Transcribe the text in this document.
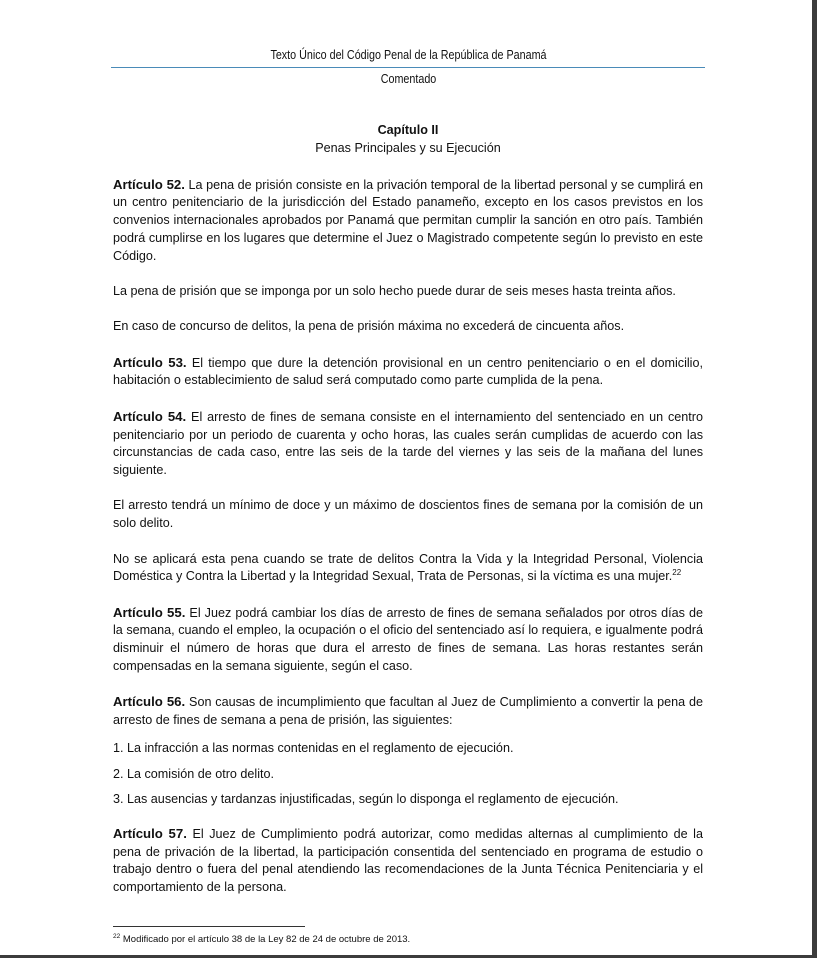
Texto Único del Código Penal de la República de Panamá
Comentado

Capítulo II

Penas Principales y su Ejecución

Artículo 52. La pena de prisión consiste en la privación temporal de la libertad personal y se cumplirá en un centro penitenciario de la jurisdicción del Estado panameño, excepto en los casos previstos en los convenios internacionales aprobados por Panamá que permitan cumplir la sanción en otro país. También podrá cumplirse en los lugares que determine el Juez o Magistrado competente según lo previsto en este Código.

La pena de prisión que se imponga por un solo hecho puede durar de seis meses hasta treinta años.

En caso de concurso de delitos, la pena de prisión máxima no excederá de cincuenta años.

Artículo 53. El tiempo que dure la detención provisional en un centro penitenciario o en el domicilio, habitación o establecimiento de salud será computado como parte cumplida de la pena.

Artículo 54. El arresto de fines de semana consiste en el internamiento del sentenciado en un centro penitenciario por un periodo de cuarenta y ocho horas, las cuales serán cumplidas de acuerdo con las circunstancias de cada caso, entre las seis de la tarde del viernes y las seis de la mañana del lunes siguiente.

El arresto tendrá un mínimo de doce y un máximo de doscientos fines de semana por la comisión de un solo delito.

No se aplicará esta pena cuando se trate de delitos Contra la Vida y la Integridad Personal, Violencia Doméstica y Contra la Libertad y la Integridad Sexual, Trata de Personas, si la víctima es una mujer.$^{22}$

Artículo 55. El Juez podrá cambiar los días de arresto de fines de semana señalados por otros días de la semana, cuando el empleo, la ocupación o el oficio del sentenciado así lo requiera, e igualmente podrá disminuir el número de horas que dura el arresto de fines de semana. Las horas restantes serán compensadas en la semana siguiente, según el caso.

Artículo 56. Son causas de incumplimiento que facultan al Juez de Cumplimiento a convertir la pena de arresto de fines de semana a pena de prisión, las siguientes:

1. La infracción a las normas contenidas en el reglamento de ejecución.

2. La comisión de otro delito.

3. Las ausencias y tardanzas injustificadas, según lo disponga el reglamento de ejecución.

Artículo 57. El Juez de Cumplimiento podrá autorizar, como medidas alternas al cumplimiento de la pena de privación de la libertad, la participación consentida del sentenciado en programa de estudio o trabajo dentro o fuera del penal atendiendo las recomendaciones de la Junta Técnica Penitenciaria y el comportamiento de la persona.

$^{22}$ Modificado por el artículo 38 de la Ley 82 de 24 de octubre de 2013.
